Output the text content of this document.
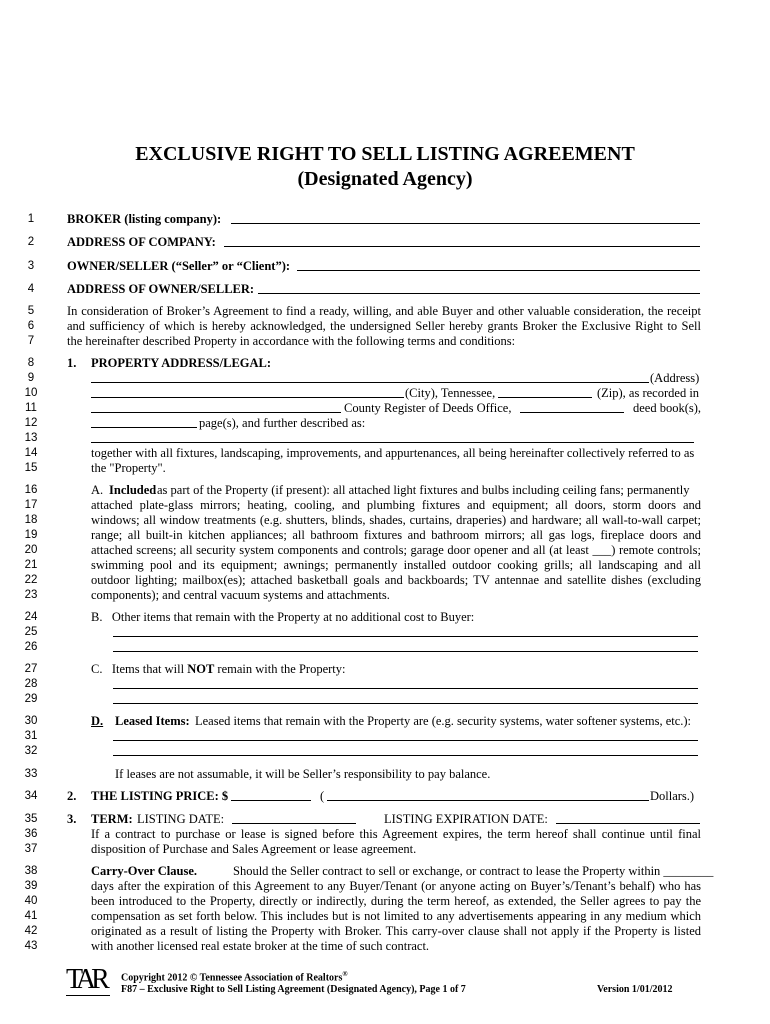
EXCLUSIVE RIGHT TO SELL LISTING AGREEMENT
(Designated Agency)
1	BROKER (listing company):
2	ADDRESS OF COMPANY:
3	OWNER/SELLER (“Seller” or “Client”):
4	ADDRESS OF OWNER/SELLER:
5	In consideration of Broker’s Agreement to find a ready, willing, and able Buyer and other valuable consideration, the receipt
6	and sufficiency of which is hereby acknowledged, the undersigned Seller hereby grants Broker the Exclusive Right to Sell
7	the hereinafter described Property in accordance with the following terms and conditions:
8	1. PROPERTY ADDRESS/LEGAL:
9	(Address)
10	(City), Tennessee,	(Zip), as recorded in
11	County Register of Deeds Office,	deed book(s),
12	page(s), and further described as:
13
14	together with all fixtures, landscaping, improvements, and appurtenances, all being hereinafter collectively referred to as
15	the "Property".
16	A. Included as part of the Property (if present): all attached light fixtures and bulbs including ceiling fans; permanently
17	attached plate-glass mirrors; heating, cooling, and plumbing fixtures and equipment; all doors, storm doors and
18	windows; all window treatments (e.g. shutters, blinds, shades, curtains, draperies) and hardware; all wall-to-wall carpet;
19	range; all built-in kitchen appliances; all bathroom fixtures and bathroom mirrors; all gas logs, fireplace doors and
20	attached screens; all security system components and controls; garage door opener and all (at least ___) remote controls;
21	swimming pool and its equipment; awnings; permanently installed outdoor cooking grills; all landscaping and all
22	outdoor lighting; mailbox(es); attached basketball goals and backboards; TV antennae and satellite dishes (excluding
23	components); and central vacuum systems and attachments.
24	B.   Other items that remain with the Property at no additional cost to Buyer:
25
26
27	C.   Items that will NOT remain with the Property:
28
29
30	D. Leased Items: Leased items that remain with the Property are (e.g. security systems, water softener systems, etc.):
31
32
33	If leases are not assumable, it will be Seller’s responsibility to pay balance.
34	2. THE LISTING PRICE: $	(	Dollars.)
35	3. TERM: LISTING DATE:	LISTING EXPIRATION DATE:
36	If a contract to purchase or lease is signed before this Agreement expires, the term hereof shall continue until final
37	disposition of Purchase and Sales Agreement or lease agreement.
38	Carry-Over Clause.	Should the Seller contract to sell or exchange, or contract to lease the Property within ________
39	days after the expiration of this Agreement to any Buyer/Tenant (or anyone acting on Buyer’s/Tenant’s behalf) who has
40	been introduced to the Property, directly or indirectly, during the term hereof, as extended, the Seller agrees to pay the
41	compensation as set forth below. This includes but is not limited to any advertisements appearing in any medium which
42	originated as a result of listing the Property with Broker. This carry-over clause shall not apply if the Property is listed
43	with another licensed real estate broker at the time of such contract.
TAR	Copyright 2012 © Tennessee Association of Realtors®
F87 – Exclusive Right to Sell Listing Agreement (Designated Agency), Page 1 of 7	Version 1/01/2012
